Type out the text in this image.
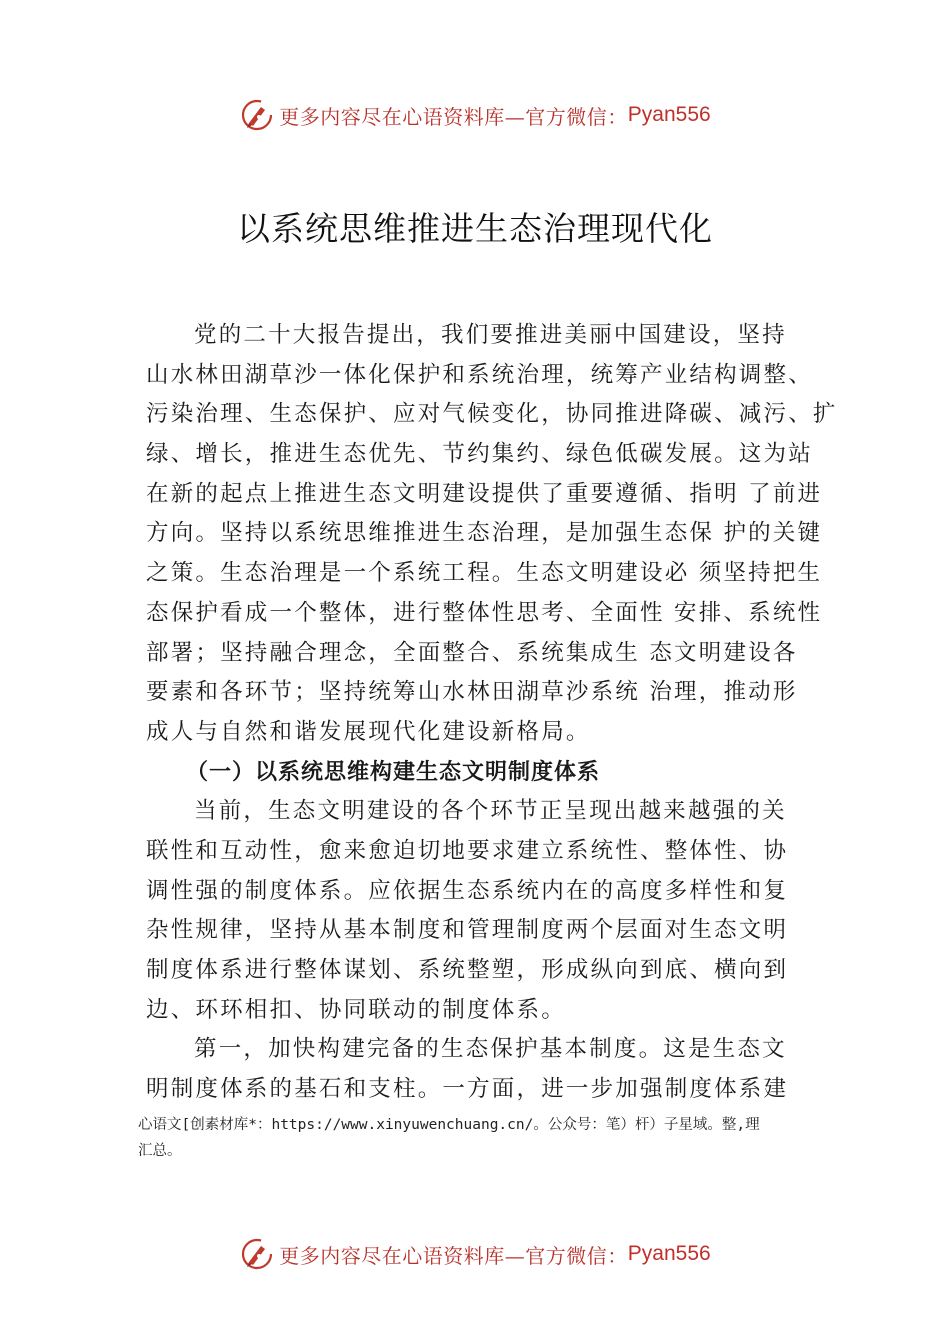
更多内容尽在心语资料库—官方微信： Pyan556
以系统思维推进生态治理现代化
党的二十大报告提出，我们要推进美丽中国建设，坚持
山水林田湖草沙一体化保护和系统治理，统筹产业结构调整、
污染治理、生态保护、应对气候变化，协同推进降碳、减污、扩
绿、增长，推进生态优先、节约集约、绿色低碳发展。这为站
在新的起点上推进生态文明建设提供了重要遵循、指明 了前进
方向。坚持以系统思维推进生态治理，是加强生态保 护的关键
之策。生态治理是一个系统工程。生态文明建设必 须坚持把生
态保护看成一个整体，进行整体性思考、全面性 安排、系统性
部署；坚持融合理念，全面整合、系统集成生 态文明建设各
要素和各环节；坚持统筹山水林田湖草沙系统 治理，推动形
成人与自然和谐发展现代化建设新格局。
（一）以系统思维构建生态文明制度体系
当前，生态文明建设的各个环节正呈现出越来越强的关
联性和互动性，愈来愈迫切地要求建立系统性、整体性、协
调性强的制度体系。应依据生态系统内在的高度多样性和复
杂性规律，坚持从基本制度和管理制度两个层面对生态文明
制度体系进行整体谋划、系统整塑，形成纵向到底、横向到
边、环环相扣、协同联动的制度体系。
第一，加快构建完备的生态保护基本制度。这是生态文
明制度体系的基石和支柱。一方面，进一步加强制度体系建
心语文[创素材库*：https://www.xinyuwenchuang.cn/。公众号：笔）杆）子星域。整,理
汇总。
更多内容尽在心语资料库—官方微信： Pyan556
